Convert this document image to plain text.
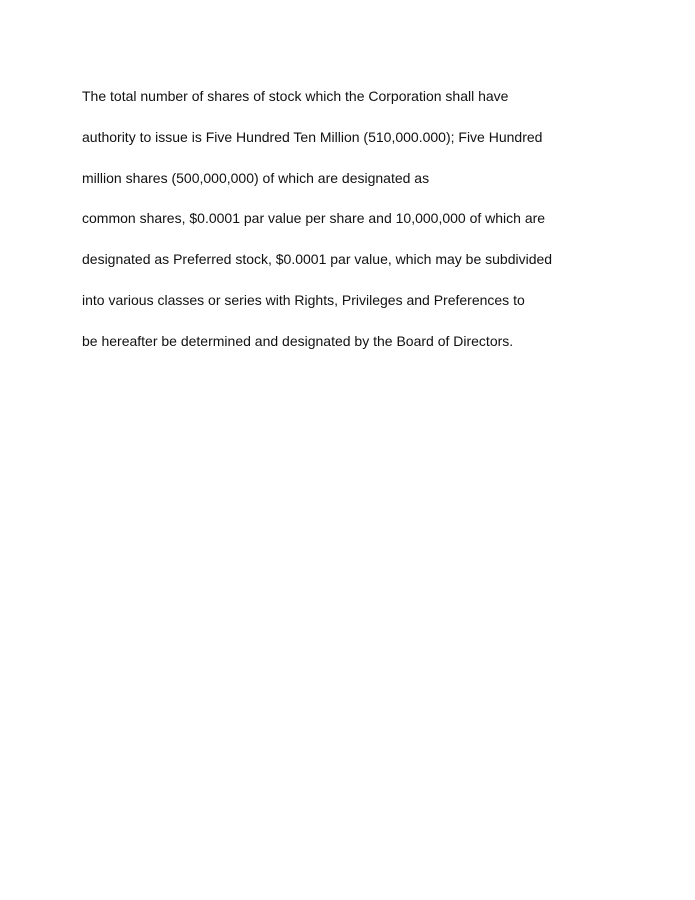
The total number of shares of stock which the Corporation shall have
authority to issue is Five Hundred Ten Million (510,000.000); Five Hundred
million shares (500,000,000) of which are designated as
common shares, $0.0001 par value per share and 10,000,000 of which are
designated as Preferred stock, $0.0001 par value, which may be subdivided
into various classes or series with Rights, Privileges and Preferences to
be hereafter be determined and designated by the Board of Directors.
